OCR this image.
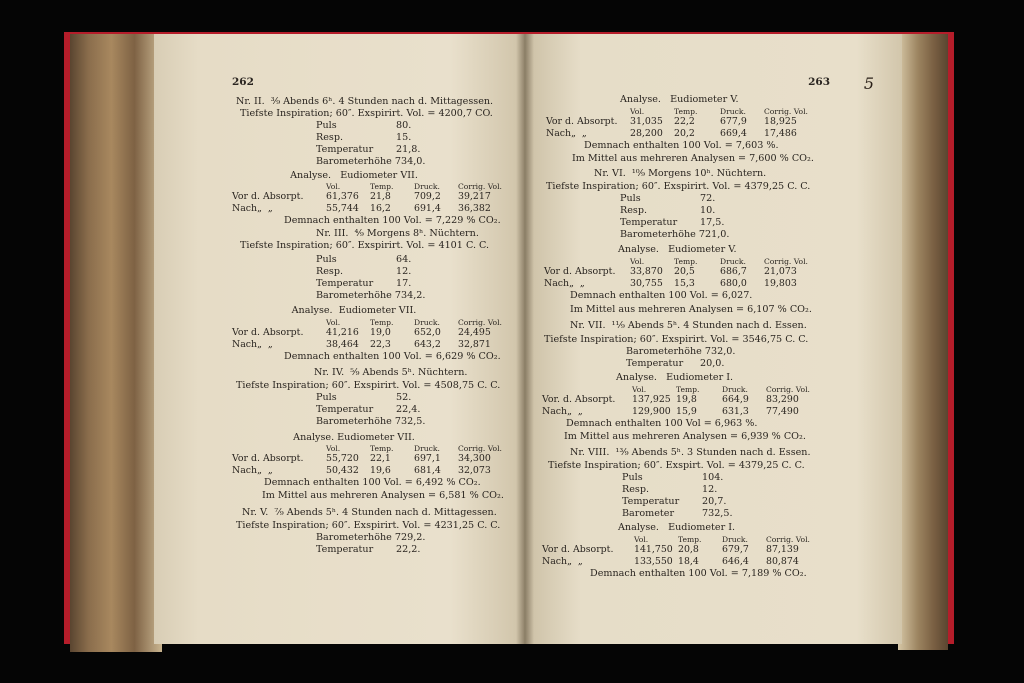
262
Nr. II.  ³⁄₉ Abends 6ʰ. 4 Stunden nach d. Mittagessen.
Tiefste Inspiration; 60″. Exspirirt. Vol. = 4200,7 CO.
Puls	80.
Resp.	15.
Temperatur 21,8.
Barometerhöhe 734,0.
Analyse.   Eudiometer VII.
Vol.	Temp.	Druck. Corrig. Vol.
Vor d. Absorpt. 61,376 21,8 709,2 39,217
Nach„  „	55,744 16,2 691,4 36,382
Demnach enthalten 100 Vol. = 7,229 % CO₂.
Nr. III.  ⁴⁄₉ Morgens 8ʰ. Nüchtern.
Tiefste Inspiration; 60″. Exspirirt. Vol. = 4101 C. C.
Puls	64.
Resp.	12.
Temperatur 17.
Barometerhöhe 734,2.
Analyse.  Eudiometer VII.
Vol.	Temp.	Druck. Corrig. Vol.
Vor d. Absorpt. 41,216 19,0 652,0 24,495
Nach„  „	38,464 22,3 643,2 32,871
Demnach enthalten 100 Vol. = 6,629 % CO₂.
Nr. IV.  ⁵⁄₉ Abends 5ʰ. Nüchtern.
Tiefste Inspiration; 60″. Exspirirt. Vol. = 4508,75 C. C.
Puls	52.
Temperatur 22,4.
Barometerhöhe 732,5.
Analyse. Eudiometer VII.
Vol.	Temp.	Druck. Corrig. Vol.
Vor d. Absorpt. 55,720 22,1 697,1 34,300
Nach„  „	50,432 19,6 681,4 32,073
Demnach enthalten 100 Vol. = 6,492 % CO₂.
Im Mittel aus mehreren Analysen = 6,581 % CO₂.
Nr. V.  ⁷⁄₉ Abends 5ʰ. 4 Stunden nach d. Mittagessen.
Tiefste Inspiration; 60″. Exspirirt. Vol. = 4231,25 C. C.
Barometerhöhe 729,2.
Temperatur 22,2.
263 5
Analyse.   Eudiometer V.
Vol.	Temp.	Druck. Corrig. Vol.
Vor d. Absorpt. 31,035 22,2	677,9 18,925
Nach„  „	28,200 20,2	669,4 17,486
Demnach enthalten 100 Vol. = 7,603 %.
Im Mittel aus mehreren Analysen = 7,600 % CO₂.
Nr. VI.  ¹⁰⁄₉ Morgens 10ʰ. Nüchtern.
Tiefste Inspiration; 60″. Exspirirt. Vol. = 4379,25 C. C.
Puls	72.
Resp.	10.
Temperatur 17,5.
Barometerhöhe 721,0.
Analyse.   Eudiometer V.
Vol.	Temp.	Druck. Corrig. Vol.
Vor d. Absorpt. 33,870 20,5	686,7 21,073
Nach„  „	30,755 15,3	680,0 19,803
Demnach enthalten 100 Vol. = 6,027.
Im Mittel aus mehreren Analysen = 6,107 % CO₂.
Nr. VII.  ¹¹⁄₉ Abends 5ʰ. 4 Stunden nach d. Essen.
Tiefste Inspiration; 60″. Exspirirt. Vol. = 3546,75 C. C.
Barometerhöhe 732,0.
Temperatur 20,0.
Analyse.   Eudiometer I.
Vol.	Temp.	Druck. Corrig. Vol.
Vor. d. Absorpt. 137,925 19,8	664,9 83,290
Nach„  „	129,900 15,9	631,3 77,490
Demnach enthalten 100 Vol = 6,963 %.
Im Mittel aus mehreren Analysen = 6,939 % CO₂.
Nr. VIII.  ¹³⁄₉ Abends 5ʰ. 3 Stunden nach d. Essen.
Tiefste Inspiration; 60″. Exspirt. Vol. = 4379,25 C. C.
Puls	104.
Resp.	12.
Temperatur 20,7.
Barometer	732,5.
Analyse.   Eudiometer I.
Vol.	Temp.	Druck. Corrig. Vol.
Vor d. Absorpt. 141,750 20,8 679,7 87,139
Nach„  „	133,550 18,4 646,4 80,874
Demnach enthalten 100 Vol. = 7,189 % CO₂.
